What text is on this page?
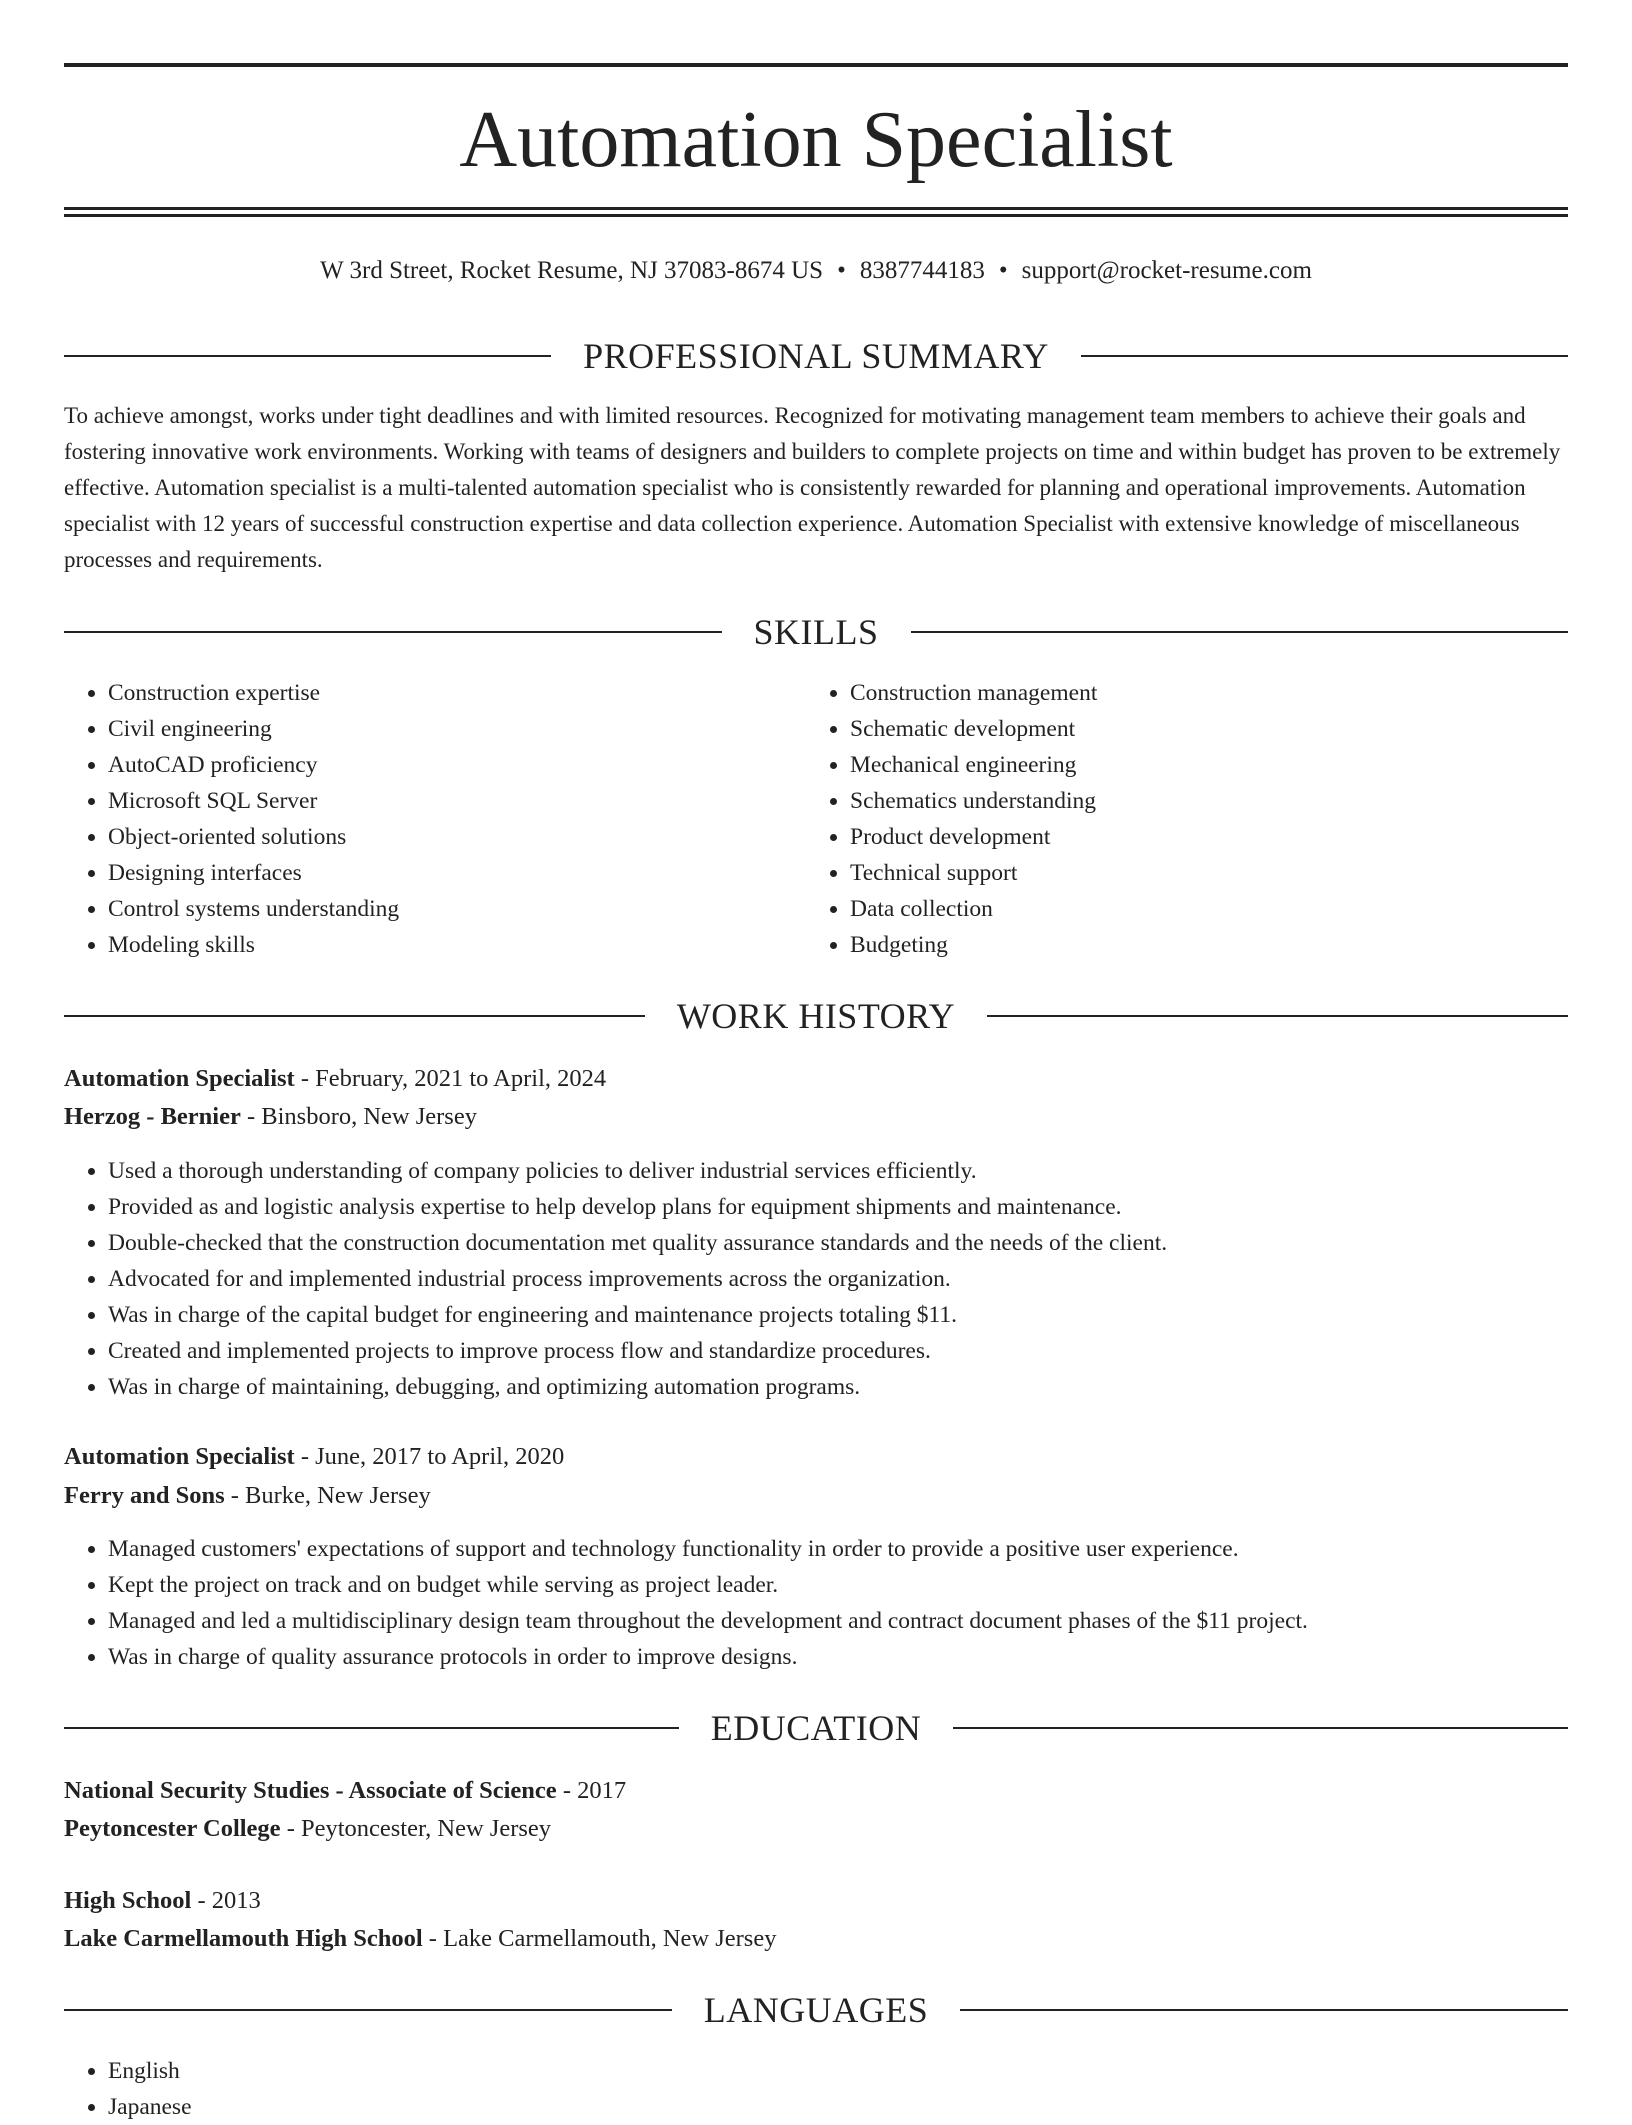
Automation Specialist
W 3rd Street, Rocket Resume, NJ 37083-8674 US • 8387744183 • support@rocket-resume.com
PROFESSIONAL SUMMARY

To achieve amongst, works under tight deadlines and with limited resources. Recognized for motivating management team members to achieve their goals and fostering innovative work environments. Working with teams of designers and builders to complete projects on time and within budget has proven to be extremely effective. Automation specialist is a multi-talented automation specialist who is consistently rewarded for planning and operational improvements. Automation specialist with 12 years of successful construction expertise and data collection experience. Automation Specialist with extensive knowledge of miscellaneous processes and requirements.

SKILLS
• Construction expertise
• Civil engineering
• AutoCAD proficiency
• Microsoft SQL Server
• Object-oriented solutions
• Designing interfaces
• Control systems understanding
• Modeling skills
• Construction management
• Schematic development
• Mechanical engineering
• Schematics understanding
• Product development
• Technical support
• Data collection
• Budgeting
WORK HISTORY

Automation Specialist - February, 2021 to April, 2024

Herzog - Bernier - Binsboro, New Jersey

• Used a thorough understanding of company policies to deliver industrial services efficiently.
• Provided as and logistic analysis expertise to help develop plans for equipment shipments and maintenance.
• Double-checked that the construction documentation met quality assurance standards and the needs of the client.
• Advocated for and implemented industrial process improvements across the organization.
• Was in charge of the capital budget for engineering and maintenance projects totaling $11.
• Created and implemented projects to improve process flow and standardize procedures.
• Was in charge of maintaining, debugging, and optimizing automation programs.

Automation Specialist - June, 2017 to April, 2020

Ferry and Sons - Burke, New Jersey

• Managed customers' expectations of support and technology functionality in order to provide a positive user experience.
• Kept the project on track and on budget while serving as project leader.
• Managed and led a multidisciplinary design team throughout the development and contract document phases of the $11 project.
• Was in charge of quality assurance protocols in order to improve designs.
EDUCATION

National Security Studies - Associate of Science - 2017

Peytoncester College - Peytoncester, New Jersey

High School - 2013

Lake Carmellamouth High School - Lake Carmellamouth, New Jersey

LANGUAGES
• English
• Japanese
